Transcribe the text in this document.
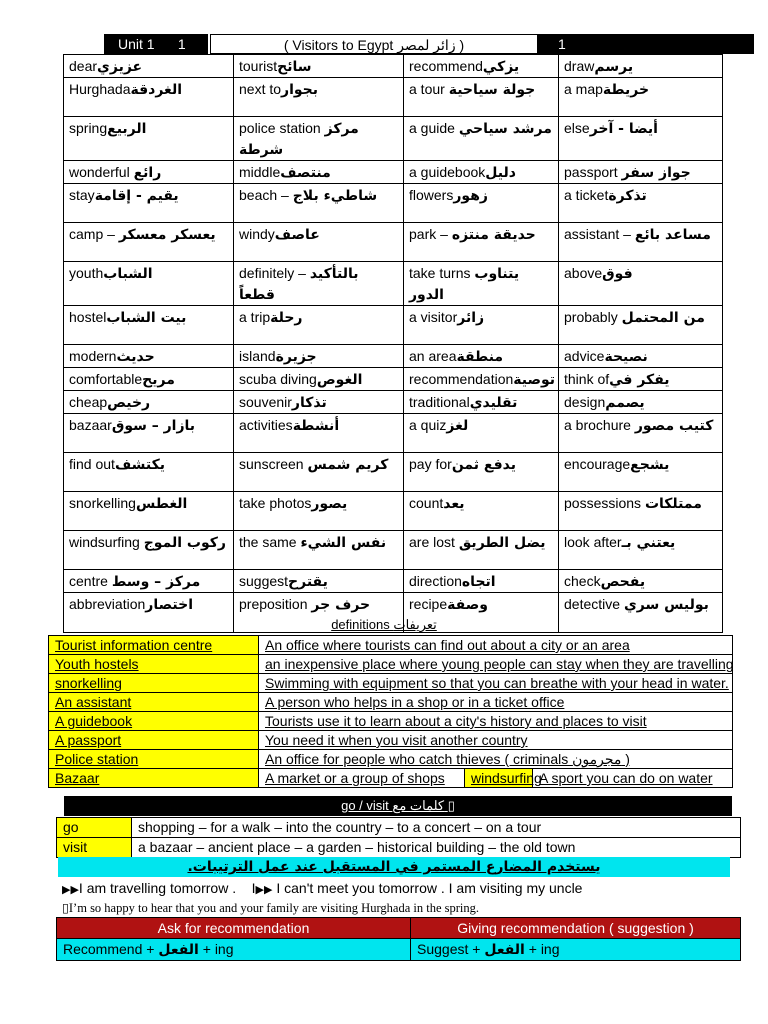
Unit 1      1	( Visitors to Egypt زائر لمصر )	1
dearعزيزي	touristسائح	recommendيزكي	drawيرسم
Hurghadaالغردقة	next toبجوار	a tour جولة سياحية	a mapخريطة
springالربيع	police station مركز شرطة	a guide مرشد سياحي	elseأيضا - آخر
wonderful رائع	middleمنتصف	a guidebookدليل	passport جواز سفر
stayيقيم - إقامة	beach – شاطيء بلاج	flowersزهور	a ticketتذكرة
camp – يعسكر معسكر	windyعاصف	park – حديقة منتزه	assistant – مساعد بائع
youthالشباب	definitely – بالتأكيد قطعاً	take turns يتناوب الدور	aboveفوق
hostelبيت الشباب	a tripرحلة	a visitorزائر	probably من المحتمل
modernحديث	islandجزيرة	an areaمنطقة	adviceنصيحة
comfortableمريح	scuba divingالغوص	recommendationتوصية	think ofيفكر في
cheapرخيص	souvenirتذكار	traditionalتقليدي	designيصمم
bazaarبازار – سوق	activitiesأنشطة	a quizلغز	a brochure كتيب مصور
find outيكتشف	sunscreen كريم شمس	pay forيدفع ثمن	encourageيشجع
snorkellingالغطس	take photosيصور	countيعد	possessions ممتلكات
windsurfing ركوب الموج	the same نفس الشيء	are lost يضل الطريق	look afterيعتني بـ
centre مركز – وسط	suggestيقترح	directionاتجاه	checkيفحص
abbreviationاختصار	preposition حرف جر	recipeوصفة	detective بوليس سري
definitions تعريفات
Tourist information centre	An office where tourists can find out about a city or an area		
Youth hostels	an inexpensive place where young people can stay when they are travelling		
snorkelling	Swimming with equipment so that you can breathe with your head in water.		
An assistant	A person who helps in a shop or in a ticket office		
A guidebook	Tourists use it to learn about a city's history and places to visit		
A passport	You need it when you visit another country		
Police station	An office for people who catch thieves ( criminals مجرمون )		
Bazaar	A market or a group of shops	windsurfing	A sport you can do on water
go / visit كلمات مع ▯
go	shopping – for a walk – into the country – to a concert – on a tour
visit	a bazaar – ancient place – a garden – historical building – the old town
يستخدم المضارع المستمر في المستقبل عند عمل الترتيبات.
▶▶I am travelling tomorrow . I▶▶ I can't meet you tomorrow . I am visiting my uncle
▯I’m so happy to hear that you and your family are visiting Hurghada in the spring.
Ask for recommendation	Giving recommendation ( suggestion )
Recommend + الفعل + ing	Suggest + الفعل + ing
